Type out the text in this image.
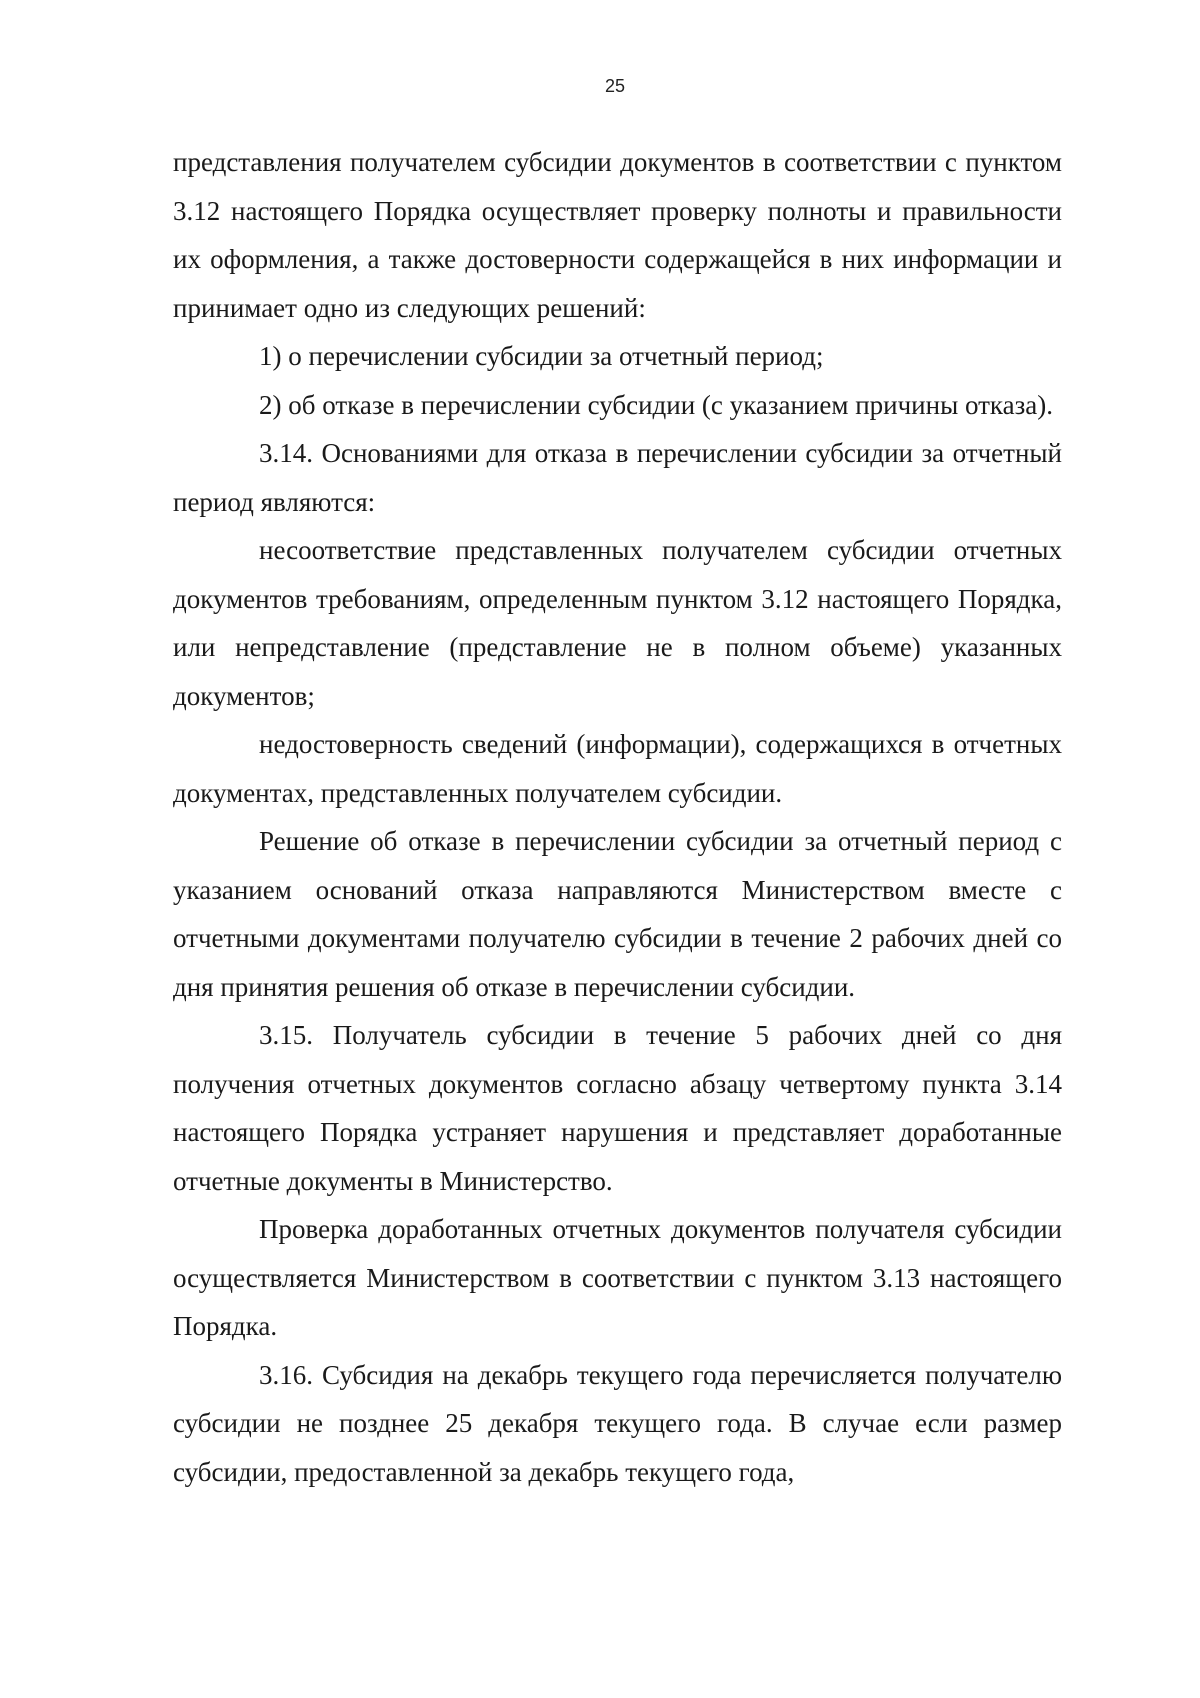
25

представления получателем субсидии документов в соответствии с пунктом 3.12 настоящего Порядка осуществляет проверку полноты и правильности их оформления, а также достоверности содержащейся в них информации и принимает одно из следующих решений:

1) о перечислении субсидии за отчетный период;

2) об отказе в перечислении субсидии (с указанием причины отказа).

3.14. Основаниями для отказа в перечислении субсидии за отчетный период являются:

несоответствие представленных получателем субсидии отчетных документов требованиям, определенным пунктом 3.12 настоящего Порядка, или непредставление (представление не в полном объеме) указанных документов;

недостоверность сведений (информации), содержащихся в отчетных документах, представленных получателем субсидии.

Решение об отказе в перечислении субсидии за отчетный период с указанием оснований отказа направляются Министерством вместе с отчетными документами получателю субсидии в течение 2 рабочих дней со дня принятия решения об отказе в перечислении субсидии.

3.15. Получатель субсидии в течение 5 рабочих дней со дня получения отчетных документов согласно абзацу четвертому пункта 3.14 настоящего Порядка устраняет нарушения и представляет доработанные отчетные документы в Министерство.

Проверка доработанных отчетных документов получателя субсидии осуществляется Министерством в соответствии с пунктом 3.13 настоящего Порядка.

3.16. Субсидия на декабрь текущего года перечисляется получателю субсидии не позднее 25 декабря текущего года. В случае если размер субсидии, предоставленной за декабрь текущего года,
